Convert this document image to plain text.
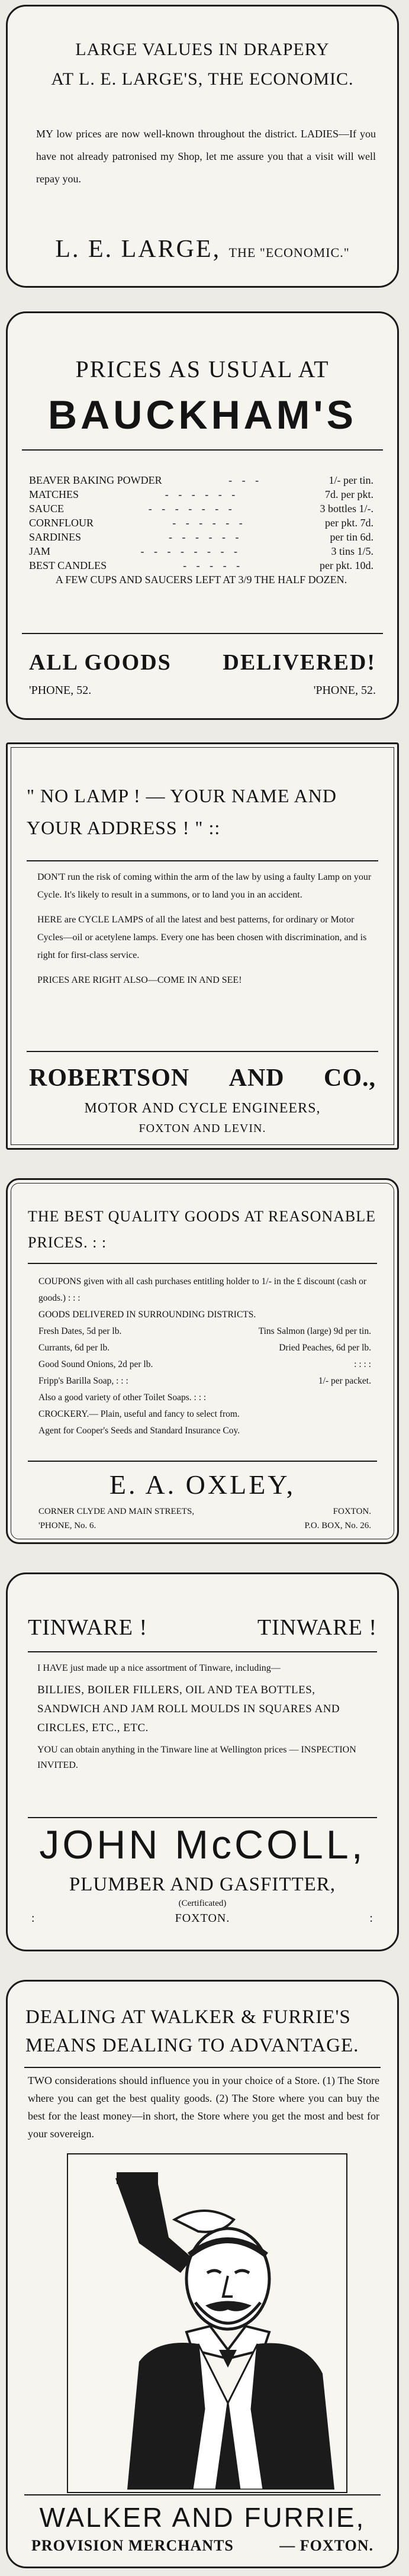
LARGE VALUES IN DRAPERY
AT L. E. LARGE'S, THE ECONOMIC.
MY low prices are now well-known throughout the district. LADIES—If you have not already patronised my Shop, let me assure you that a visit will well repay you.
L. E. LARGE, THE "ECONOMIC."
PRICES AS USUAL AT
BAUCKHAM'S
BEAVER BAKING POWDER	- - -	1/- per tin.
MATCHES	- - - - - -	7d. per pkt.
SAUCE	- - - - - - -	3 bottles 1/-.
CORNFLOUR	- - - - - -	per pkt. 7d.
SARDINES	- - - - - -	per tin 6d.
JAM	- - - - - - - -	3 tins 1/5.
BEST CANDLES	- - - - -	per pkt. 10d.
A FEW CUPS AND SAUCERS LEFT AT 3/9 THE HALF DOZEN.
ALL GOODS DELIVERED!
'PHONE, 52.	'PHONE, 52.
" NO LAMP ! — YOUR NAME AND YOUR ADDRESS ! " ::

DON'T run the risk of coming within the arm of the law by using a faulty Lamp on your Cycle. It's likely to result in a summons, or to land you in an accident.

HERE are CYCLE LAMPS of all the latest and best patterns, for ordinary or Motor Cycles—oil or acetylene lamps. Every one has been chosen with discrimination, and is right for first-class service.

PRICES ARE RIGHT ALSO—COME IN AND SEE!

ROBERTSON AND CO.,
MOTOR AND CYCLE ENGINEERS,
FOXTON AND LEVIN.
THE BEST QUALITY GOODS AT REASONABLE PRICES. : :
COUPONS given with all cash purchases entitling holder to 1/- in the £ discount (cash or goods.) : : :
GOODS DELIVERED IN SURROUNDING DISTRICTS.
Fresh Dates, 5d per lb.	Tins Salmon (large) 9d per tin.
Currants, 6d per lb.	Dried Peaches, 6d per lb.
Good Sound Onions, 2d per lb.	: : : :
Fripp's Barilla Soap, : : :	1/- per packet.
Also a good variety of other Toilet Soaps. : : :
CROCKERY.— Plain, useful and fancy to select from.
Agent for Cooper's Seeds and Standard Insurance Coy.
E. A. OXLEY,
CORNER CLYDE AND MAIN STREETS,	FOXTON.
'PHONE, No. 6.	P.O. BOX, No. 26.
TINWARE !	TINWARE !

I HAVE just made up a nice assortment of Tinware, including—

BILLIES, BOILER FILLERS, OIL AND TEA BOTTLES, SANDWICH AND JAM ROLL MOULDS IN SQUARES AND CIRCLES, ETC., ETC.

YOU can obtain anything in the Tinware line at Wellington prices — INSPECTION INVITED.

JOHN McCOLL,
PLUMBER AND GASFITTER,
(Certificated)
:	FOXTON.	:
DEALING AT WALKER & FURRIE'S MEANS DEALING TO ADVANTAGE.
TWO considerations should influence you in your choice of a Store. (1) The Store where you can get the best quality goods. (2) The Store where you can buy the best for the least money—in short, the Store where you get the most and best for your sovereign.
WALKER AND FURRIE,
PROVISION MERCHANTS	— FOXTON.
